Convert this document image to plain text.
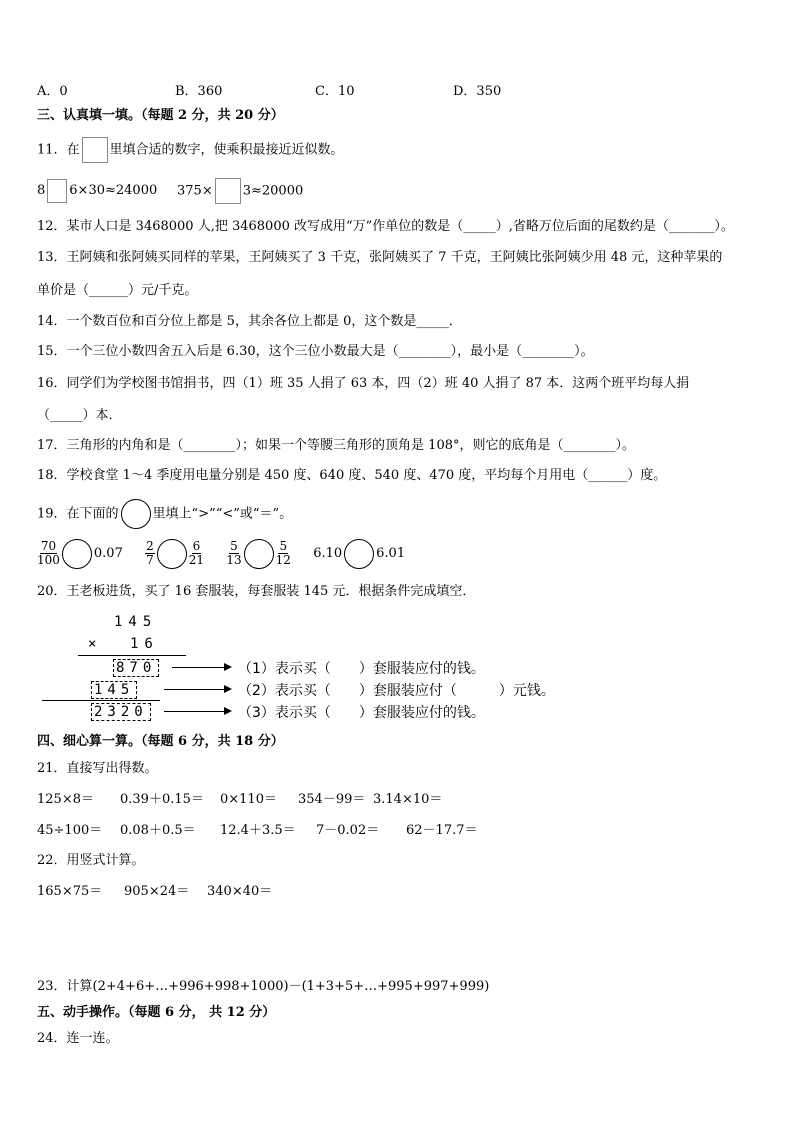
A．0	B．360	C．10	D．350
三、认真填一填。（每题 2 分，共 20 分）
11．在 里填合适的数字，使乘积最接近近似数。
8 6×30≈24000 375× 3≈20000
12．某市人口是 3468000 人,把 3468000 改写成用“万”作单位的数是（_____）,省略万位后面的尾数约是（_______）。
13．王阿姨和张阿姨买同样的苹果，王阿姨买了 3 千克，张阿姨买了 7 千克，王阿姨比张阿姨少用 48 元，这种苹果的
单价是（______）元/千克。
14．一个数百位和百分位上都是 5，其余各位上都是 0，这个数是_____．
15．一个三位小数四舍五入后是 6.30，这个三位小数最大是（________），最小是（________）。
16．同学们为学校图书馆捐书，四（1）班 35 人捐了 63 本，四（2）班 40 人捐了 87 本．这两个班平均每人捐
（_____）本．
17．三角形的内角和是（________）；如果一个等腰三角形的顶角是 108°，则它的底角是（________）。
18．学校食堂 1～4 季度用电量分别是 450 度、640 度、540 度、470 度，平均每个月用电（______）度。
19．在下面的	里填上“>”“<”或“＝”。
$\frac{70}{100}$	$0.07 \frac{2}{7}$	$\frac{6}{21}$
$\frac{5}{13}$	$\frac{5}{12} 6.10$	6.01
20．王老板进货，买了 16 套服装，每套服装 145 元．根据条件完成填空．
145
× 16
870
145
2320
（1）表示买（　　）套服装应付的钱。
（2）表示买（　　）套服装应付（　　　）元钱。
（3）表示买（　　）套服装应付的钱。
四、细心算一算。（每题 6 分，共 18 分）
21．直接写出得数。
125×8＝ 0.39＋0.15＝ 0×110＝ 354－99＝ 3.14×10＝
45÷100＝ 0.08＋0.5＝ 12.4＋3.5＝ 7－0.02＝ 62－17.7＝
22．用竖式计算。
165×75＝ 905×24＝ 340×40＝
23．计算(2+4+6+…+996+998+1000)－(1+3+5+…+995+997+999)
五、动手操作。（每题 6 分， 共 12 分）
24．连一连。
